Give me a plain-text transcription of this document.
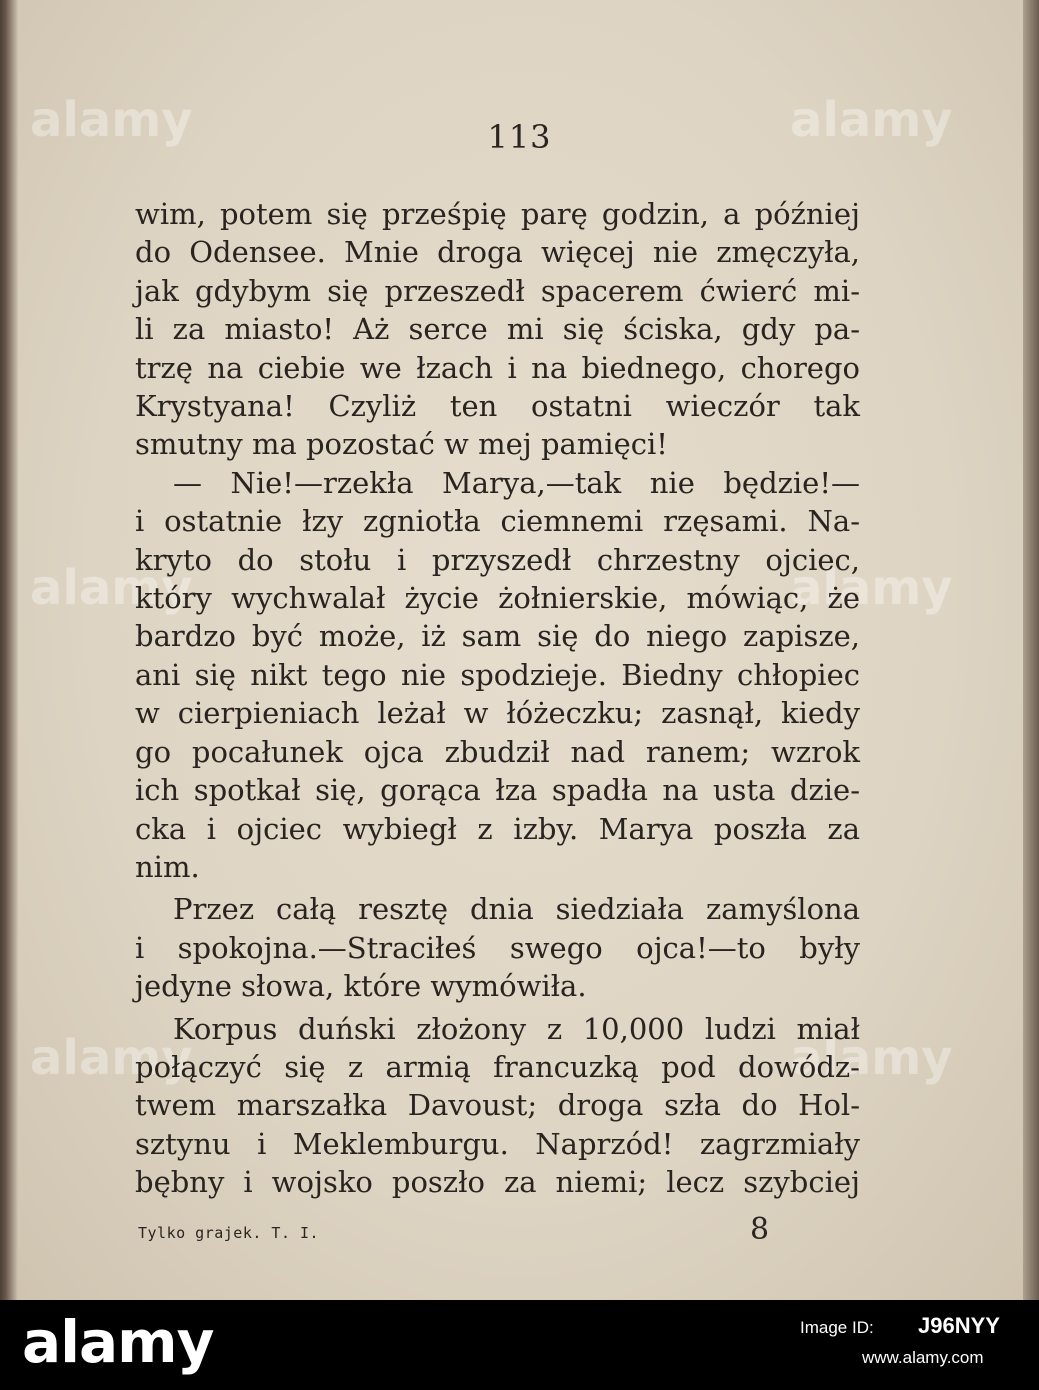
alamy	alamy
alamy	alamy
alamy	alamy
113
wim, potem się prześpię parę godzin, a później
do Odensee. Mnie droga więcej nie zmęczyła,
jak gdybym się przeszedł spacerem ćwierć mi-
li za miasto! Aż serce mi się ściska, gdy pa-
trzę na ciebie we łzach i na biednego, chorego
Krystyana! Czyliż ten ostatni wieczór tak
smutny ma pozostać w mej pamięci!
— Nie!—rzekła Marya,—tak nie będzie!—
i ostatnie łzy zgniotła ciemnemi rzęsami. Na-
kryto do stołu i przyszedł chrzestny ojciec,
który wychwalał życie żołnierskie, mówiąc, że
bardzo być może, iż sam się do niego zapisze,
ani się nikt tego nie spodzieje. Biedny chłopiec
w cierpieniach leżał w łóżeczku; zasnął, kiedy
go pocałunek ojca zbudził nad ranem; wzrok
ich spotkał się, gorąca łza spadła na usta dzie-
cka i ojciec wybiegł z izby. Marya poszła za
nim.
Przez całą resztę dnia siedziała zamyślona
i spokojna.—Straciłeś swego ojca!—to były
jedyne słowa, które wymówiła.
Korpus duński złożony z 10,000 ludzi miał
połączyć się z armią francuzką pod dowódz-
twem marszałka Davoust; droga szła do Hol-
sztynu i Meklemburgu. Naprzód! zagrzmiały
bębny i wojsko poszło za niemi; lecz szybciej
Tylko grajek. T. I.	8
alamy	Image ID: J96NYY
www.alamy.com
